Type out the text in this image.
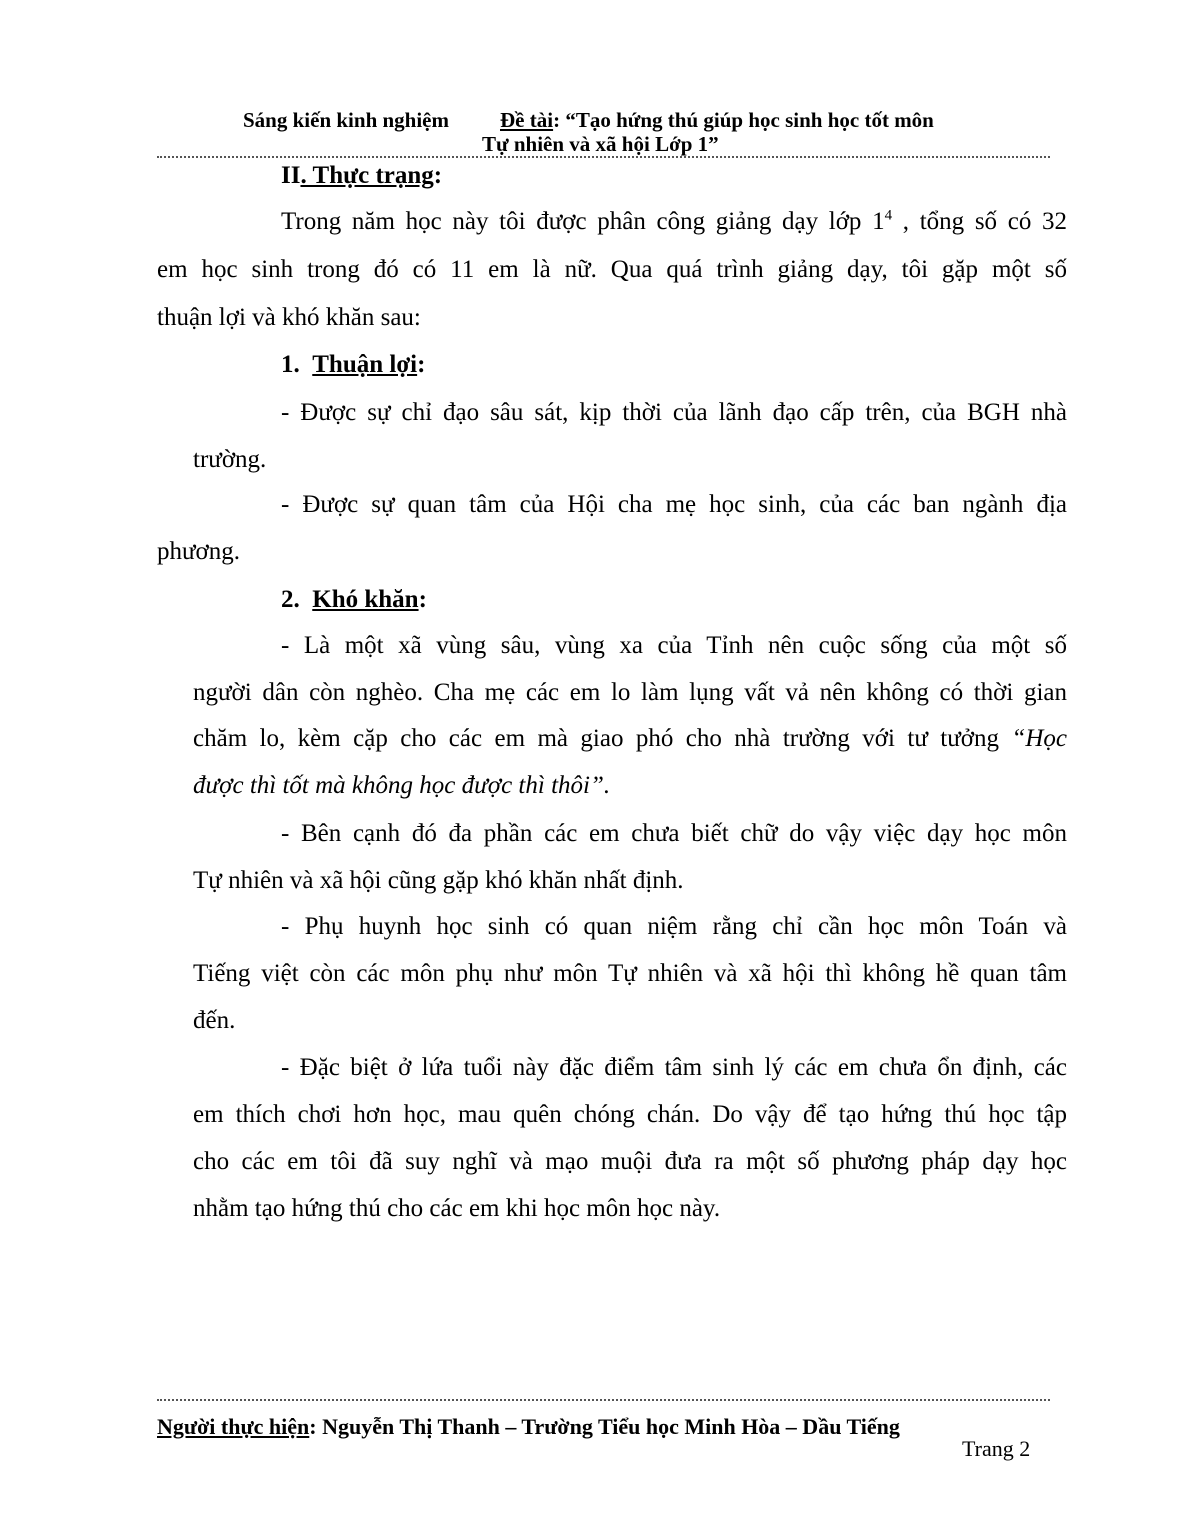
Sáng kiến kinh nghiệm Đề tài: “Tạo hứng thú giúp học sinh học tốt môn
Tự nhiên và xã hội Lớp 1”
II. Thực trạng:
Trong năm học này tôi được phân công giảng dạy lớp $1^4$ , tổng số có 32
em học sinh trong đó có 11 em là nữ. Qua quá trình giảng dạy, tôi gặp một số
thuận lợi và khó khăn sau:
1. Thuận lợi:
- Được sự chỉ đạo sâu sát, kịp thời của lãnh đạo cấp trên, của BGH nhà
trường.
- Được sự quan tâm của Hội cha mẹ học sinh, của các ban ngành địa
phương.
2. Khó khăn:
- Là một xã vùng sâu, vùng xa của Tỉnh nên cuộc sống của một số
người dân còn nghèo. Cha mẹ các em lo làm lụng vất vả nên không có thời gian
chăm lo, kèm cặp cho các em mà giao phó cho nhà trường với tư tưởng “Học
được thì tốt mà không học được thì thôi”.
- Bên cạnh đó đa phần các em chưa biết chữ do vậy việc dạy học môn
Tự nhiên và xã hội cũng gặp khó khăn nhất định.
- Phụ huynh học sinh có quan niệm rằng chỉ cần học môn Toán và
Tiếng việt còn các môn phụ như môn Tự nhiên và xã hội thì không hề quan tâm
đến.
- Đặc biệt ở lứa tuổi này đặc điểm tâm sinh lý các em chưa ổn định, các
em thích chơi hơn học, mau quên chóng chán. Do vậy để tạo hứng thú học tập
cho các em tôi đã suy nghĩ và mạo muội đưa ra một số phương pháp dạy học
nhằm tạo hứng thú cho các em khi học môn học này.
Người thực hiện: Nguyễn Thị Thanh – Trường Tiểu học Minh Hòa – Dầu Tiếng
Trang 2
